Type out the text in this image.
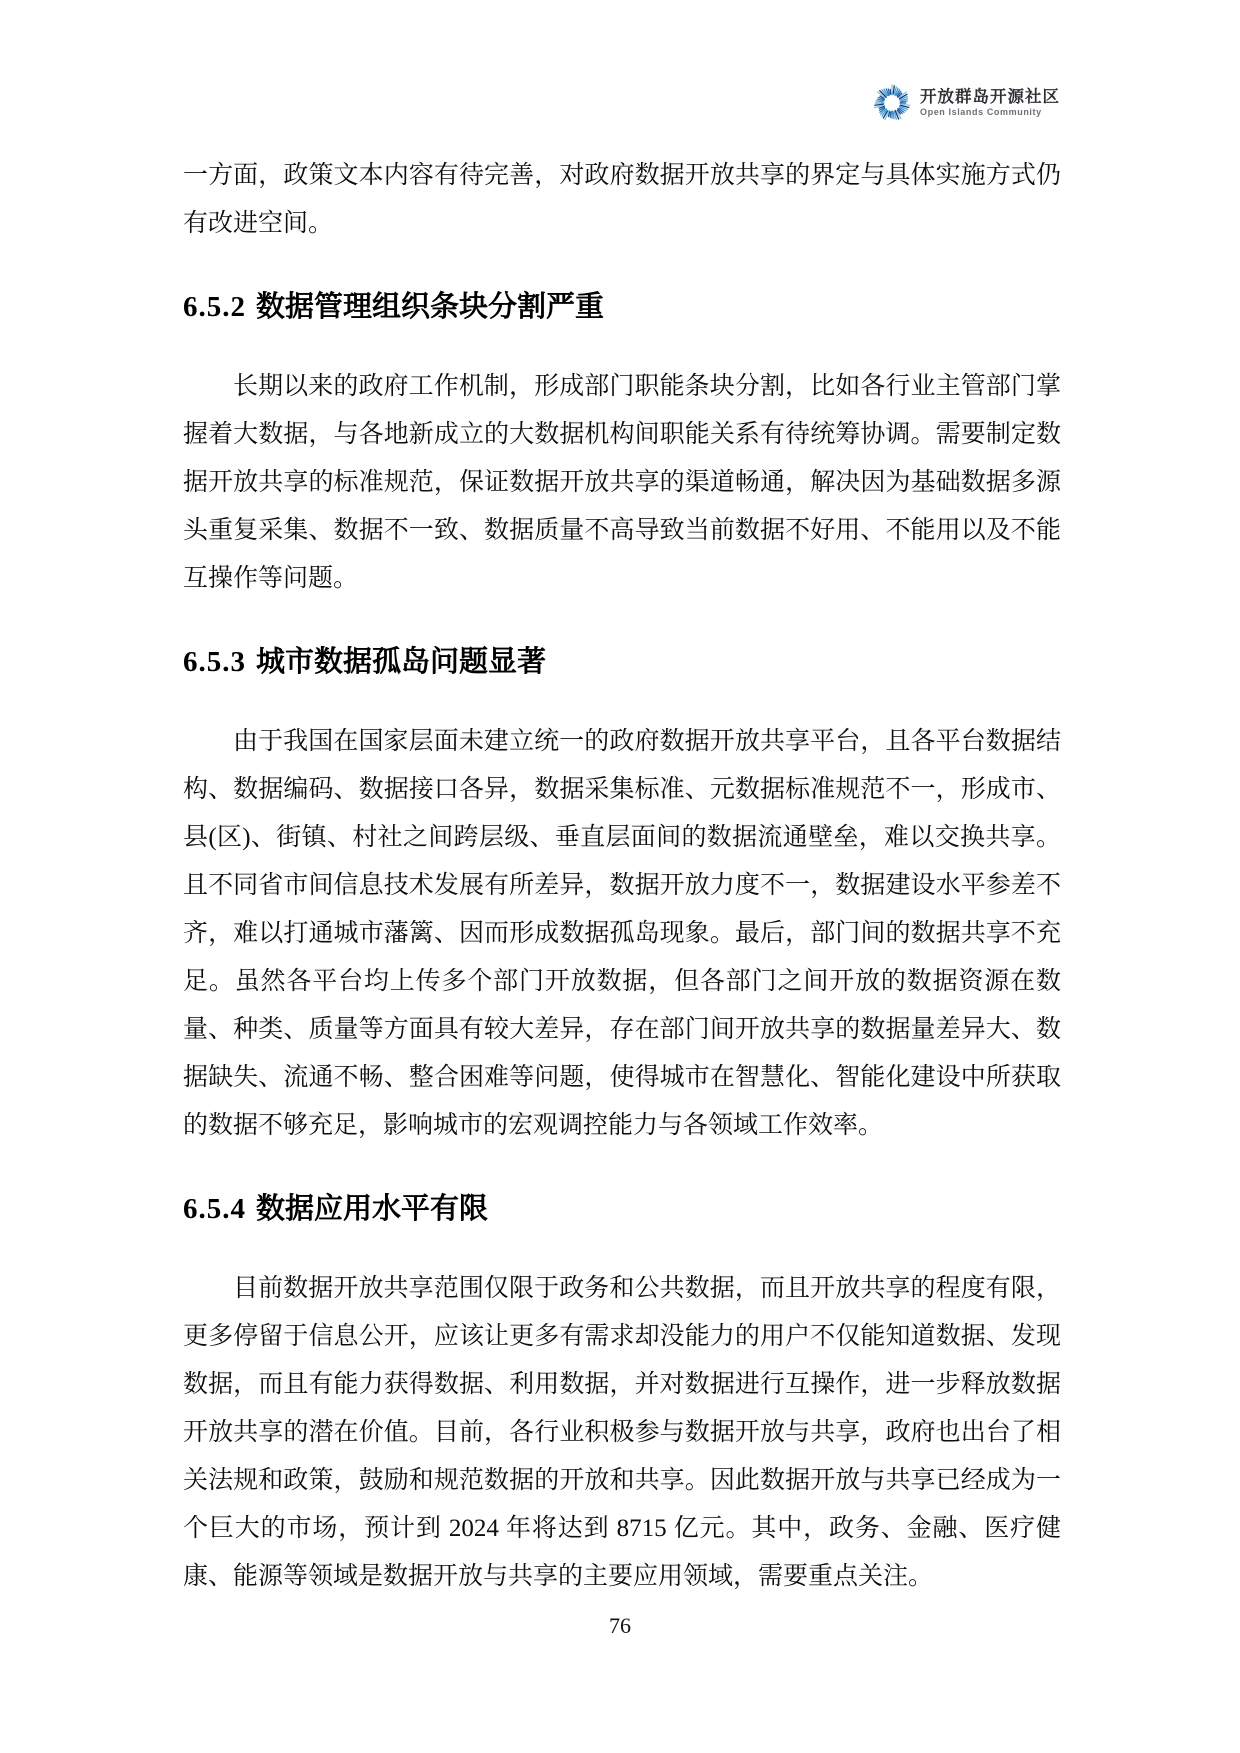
开放群岛开源社区
Open Islands Community

一方面，政策文本内容有待完善，对政府数据开放共享的界定与具体实施方式仍有改进空间。

6.5.2 数据管理组织条块分割严重

长期以来的政府工作机制，形成部门职能条块分割，比如各行业主管部门掌握着大数据，与各地新成立的大数据机构间职能关系有待统筹协调。需要制定数据开放共享的标准规范，保证数据开放共享的渠道畅通，解决因为基础数据多源头重复采集、数据不一致、数据质量不高导致当前数据不好用、不能用以及不能互操作等问题。

6.5.3 城市数据孤岛问题显著

由于我国在国家层面未建立统一的政府数据开放共享平台，且各平台数据结构、数据编码、数据接口各异，数据采集标准、元数据标准规范不一，形成市、县(区)、街镇、村社之间跨层级、垂直层面间的数据流通壁垒，难以交换共享。且不同省市间信息技术发展有所差异，数据开放力度不一，数据建设水平参差不齐，难以打通城市藩篱、因而形成数据孤岛现象。最后，部门间的数据共享不充足。虽然各平台均上传多个部门开放数据，但各部门之间开放的数据资源在数量、种类、质量等方面具有较大差异，存在部门间开放共享的数据量差异大、数据缺失、流通不畅、整合困难等问题，使得城市在智慧化、智能化建设中所获取的数据不够充足，影响城市的宏观调控能力与各领域工作效率。

6.5.4 数据应用水平有限

目前数据开放共享范围仅限于政务和公共数据，而且开放共享的程度有限，更多停留于信息公开，应该让更多有需求却没能力的用户不仅能知道数据、发现数据，而且有能力获得数据、利用数据，并对数据进行互操作，进一步释放数据开放共享的潜在价值。目前，各行业积极参与数据开放与共享，政府也出台了相关法规和政策，鼓励和规范数据的开放和共享。因此数据开放与共享已经成为一个巨大的市场，预计到 2024 年将达到 8715 亿元。其中，政务、金融、医疗健康、能源等领域是数据开放与共享的主要应用领域，需要重点关注。

76
